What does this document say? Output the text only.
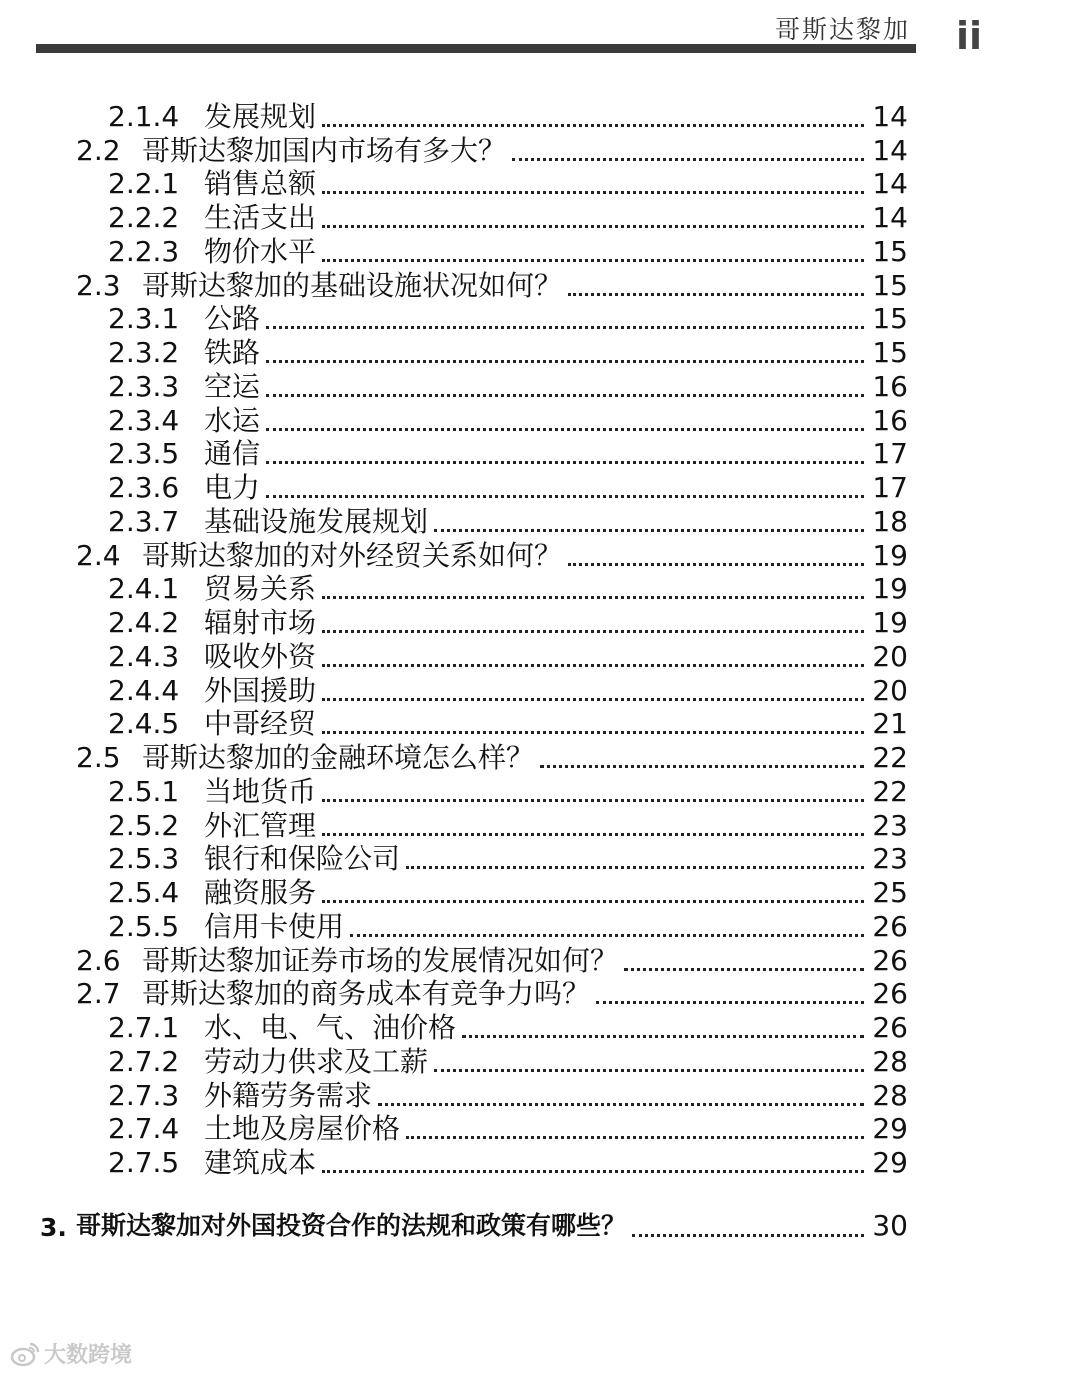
哥斯达黎加 ii
2.1.4 发展规划	14
2.2 哥斯达黎加国内市场有多大？	14
2.2.1 销售总额	14
2.2.2 生活支出	14
2.2.3 物价水平	15
2.3 哥斯达黎加的基础设施状况如何？	15
2.3.1 公路	15
2.3.2 铁路	15
2.3.3 空运	16
2.3.4 水运	16
2.3.5 通信	17
2.3.6 电力	17
2.3.7 基础设施发展规划	18
2.4 哥斯达黎加的对外经贸关系如何？	19
2.4.1 贸易关系	19
2.4.2 辐射市场	19
2.4.3 吸收外资	20
2.4.4 外国援助	20
2.4.5 中哥经贸	21
2.5 哥斯达黎加的金融环境怎么样？	22
2.5.1 当地货币	22
2.5.2 外汇管理	23
2.5.3 银行和保险公司	23
2.5.4 融资服务	25
2.5.5 信用卡使用	26
2.6 哥斯达黎加证券市场的发展情况如何？	26
2.7 哥斯达黎加的商务成本有竞争力吗？	26
2.7.1 水、电、气、油价格	26
2.7.2 劳动力供求及工薪	28
2.7.3 外籍劳务需求	28
2.7.4 土地及房屋价格	29
2.7.5 建筑成本	29
3. 哥斯达黎加对外国投资合作的法规和政策有哪些？	30
大数跨境
